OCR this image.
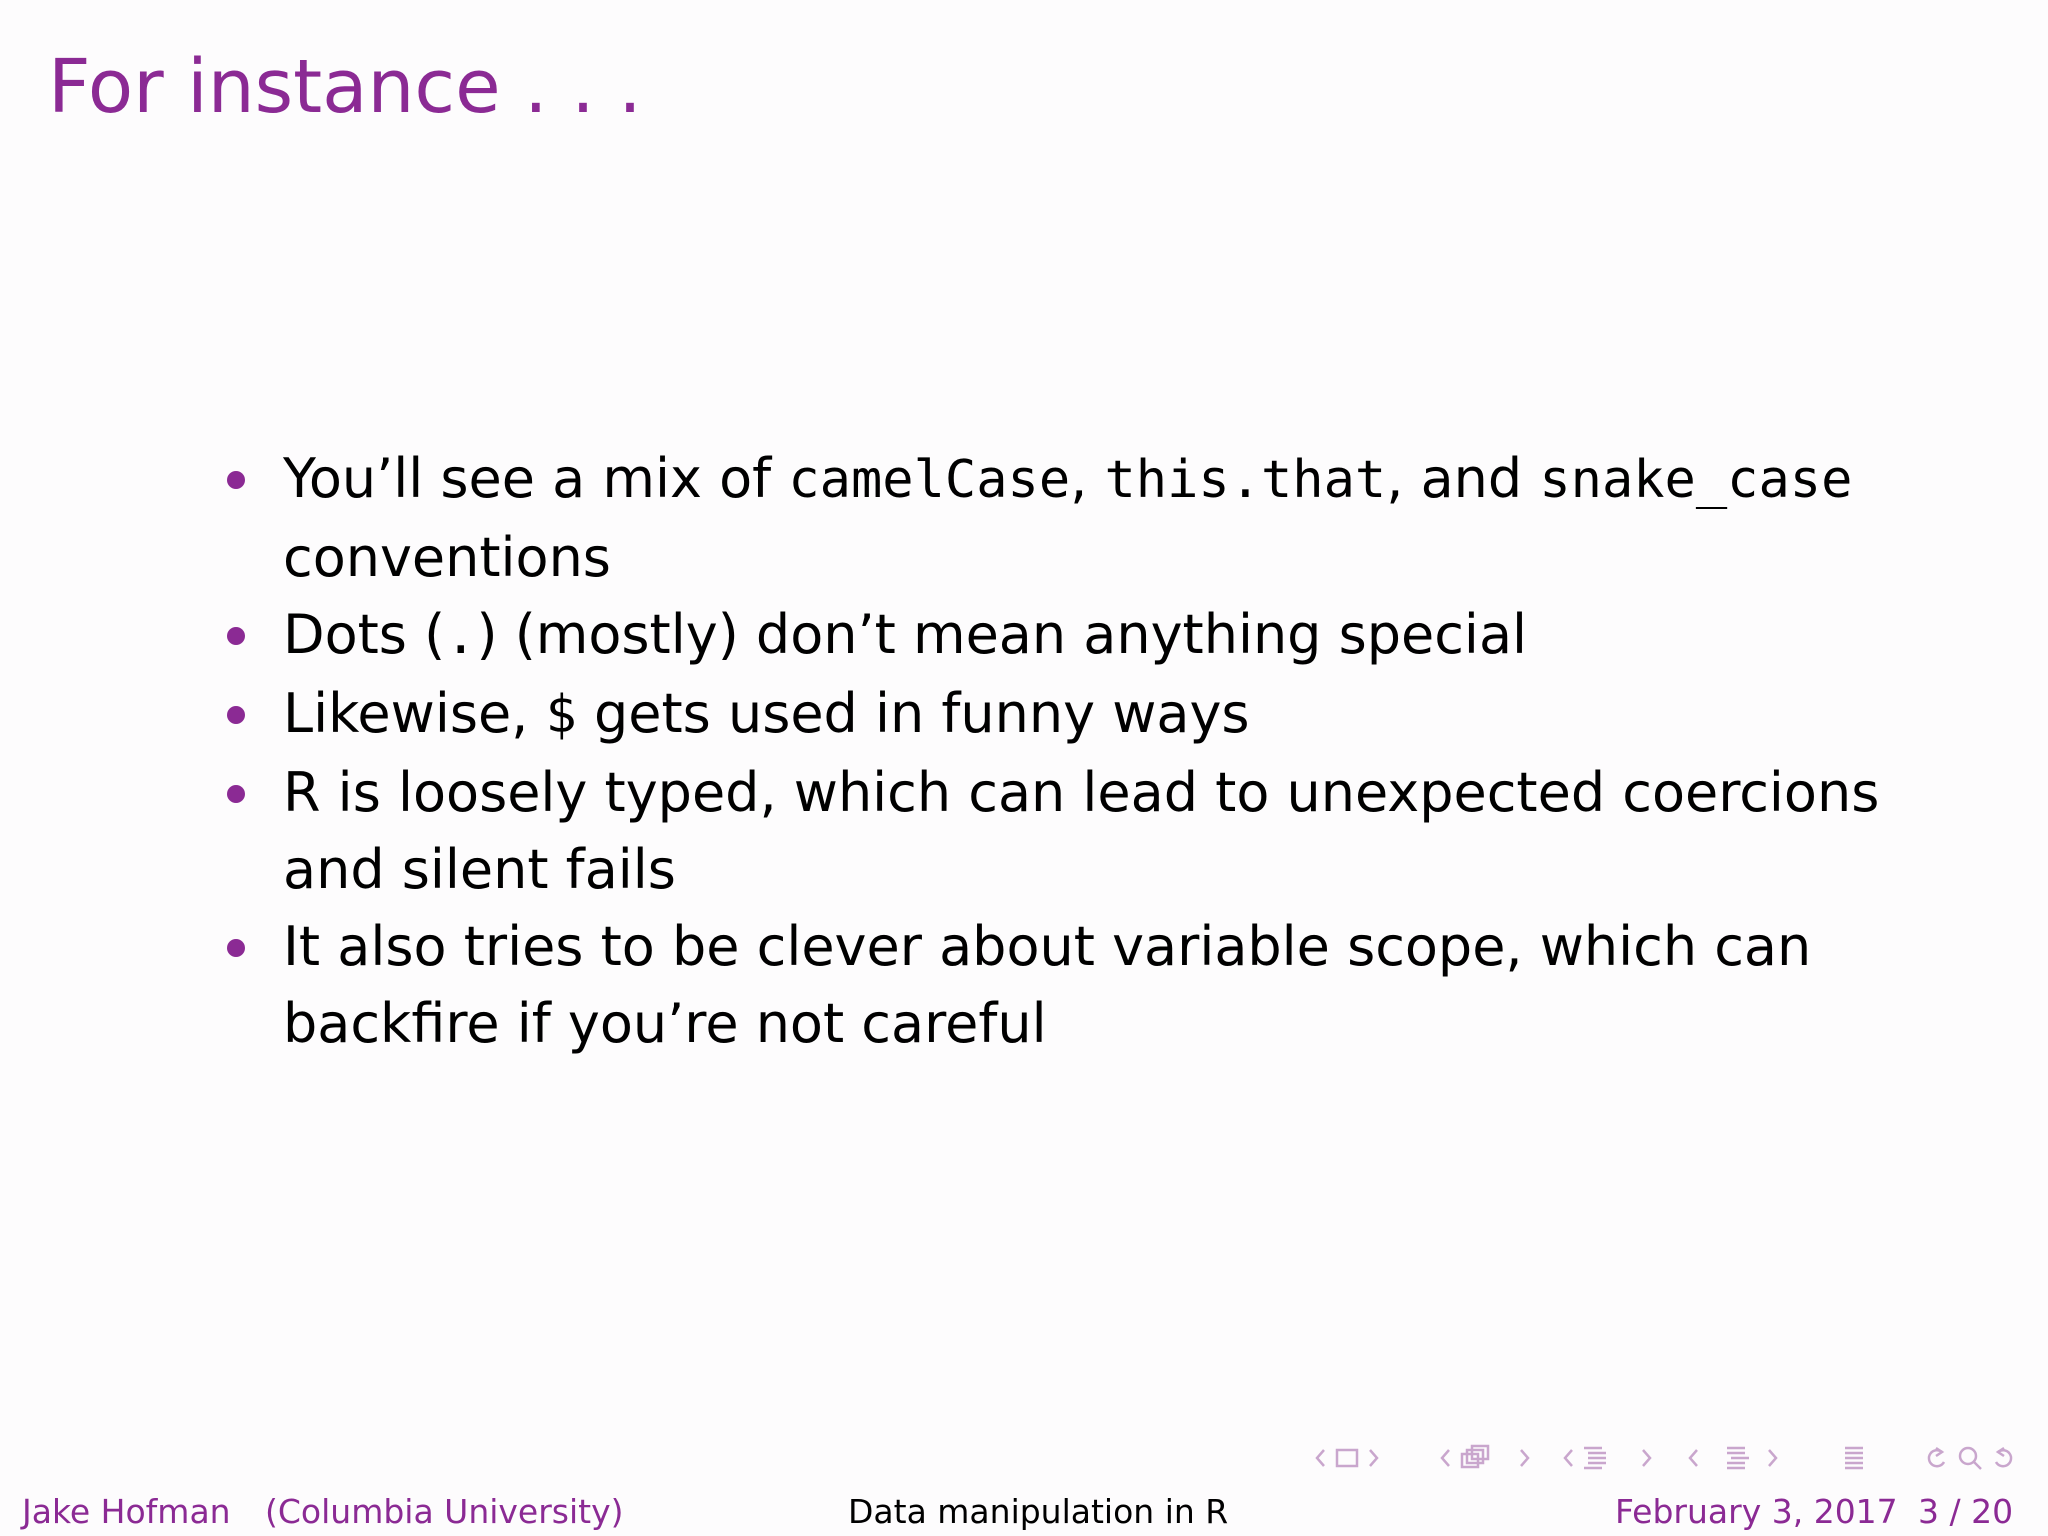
For instance . . .
You’ll see a mix of camelCase, this.that, and snake_case conventions
Dots (.) (mostly) don’t mean anything special
Likewise, $ gets used in funny ways
R is loosely typed, which can lead to unexpected coercions and silent fails
It also tries to be clever about variable scope, which can backfire if you’re not careful
Jake Hofman (Columbia University)	Data manipulation in R	February 3, 2017 3 / 20
